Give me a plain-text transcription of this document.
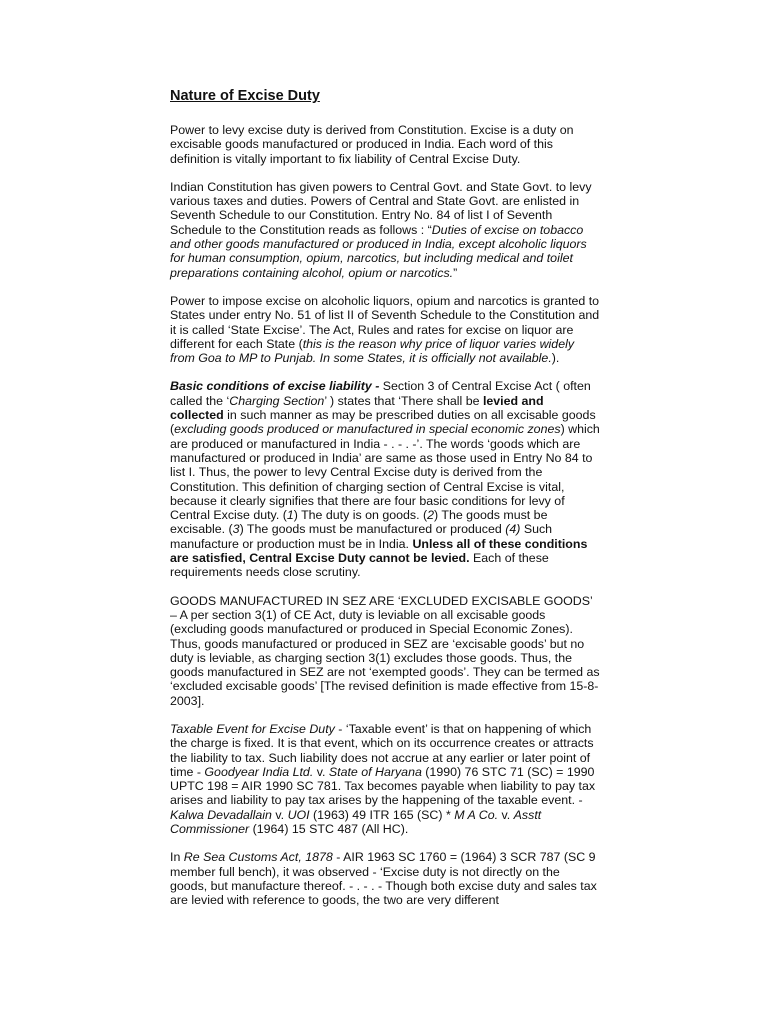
Nature of Excise Duty

Power to levy excise duty is derived from Constitution. Excise is a duty on excisable goods manufactured or produced in India. Each word of this definition is vitally important to fix liability of Central Excise Duty.

Indian Constitution has given powers to Central Govt. and State Govt. to levy various taxes and duties. Powers of Central and State Govt. are enlisted in Seventh Schedule to our Constitution. Entry No. 84 of list I of Seventh Schedule to the Constitution reads as follows : “Duties of excise on tobacco and other goods manufactured or produced in India, except alcoholic liquors for human consumption, opium, narcotics, but including medical and toilet preparations containing alcohol, opium or narcotics.”

Power to impose excise on alcoholic liquors, opium and narcotics is granted to States under entry No. 51 of list II of Seventh Schedule to the Constitution and it is called ‘State Excise’. The Act, Rules and rates for excise on liquor are different for each State (this is the reason why price of liquor varies widely from Goa to MP to Punjab. In some States, it is officially not available.).

Basic conditions of excise liability - Section 3 of Central Excise Act ( often called the ‘Charging Section’ ) states that ‘There shall be levied and collected in such manner as may be prescribed duties on all excisable goods (excluding goods produced or manufactured in special economic zones) which are produced or manufactured in India - . - . -’. The words ‘goods which are manufactured or produced in India’ are same as those used in Entry No 84 to list I. Thus, the power to levy Central Excise duty is derived from the Constitution. This definition of charging section of Central Excise is vital, because it clearly signifies that there are four basic conditions for levy of Central Excise duty. (1) The duty is on goods. (2) The goods must be excisable. (3) The goods must be manufactured or produced (4) Such manufacture or production must be in India. Unless all of these conditions are satisfied, Central Excise Duty cannot be levied. Each of these requirements needs close scrutiny.

GOODS MANUFACTURED IN SEZ ARE ‘EXCLUDED EXCISABLE GOODS’ – A per section 3(1) of CE Act, duty is leviable on all excisable goods (excluding goods manufactured or produced in Special Economic Zones). Thus, goods manufactured or produced in SEZ are ‘excisable goods’ but no duty is leviable, as charging section 3(1) excludes those goods. Thus, the goods manufactured in SEZ are not ‘exempted goods’. They can be termed as ‘excluded excisable goods’ [The revised definition is made effective from 15-8-2003].

Taxable Event for Excise Duty - ‘Taxable event’ is that on happening of which the charge is fixed. It is that event, which on its occurrence creates or attracts the liability to tax. Such liability does not accrue at any earlier or later point of time - Goodyear India Ltd. v. State of Haryana (1990) 76 STC 71 (SC) = 1990 UPTC 198 = AIR 1990 SC 781. Tax becomes payable when liability to pay tax arises and liability to pay tax arises by the happening of the taxable event. - Kalwa Devadallain v. UOI (1963) 49 ITR 165 (SC) * M A Co. v. Asstt Commissioner (1964) 15 STC 487 (All HC).

In Re Sea Customs Act, 1878 - AIR 1963 SC 1760 = (1964) 3 SCR 787 (SC 9 member full bench), it was observed - ‘Excise duty is not directly on the goods, but manufacture thereof. - . - . - Though both excise duty and sales tax are levied with reference to goods, the two are very different
